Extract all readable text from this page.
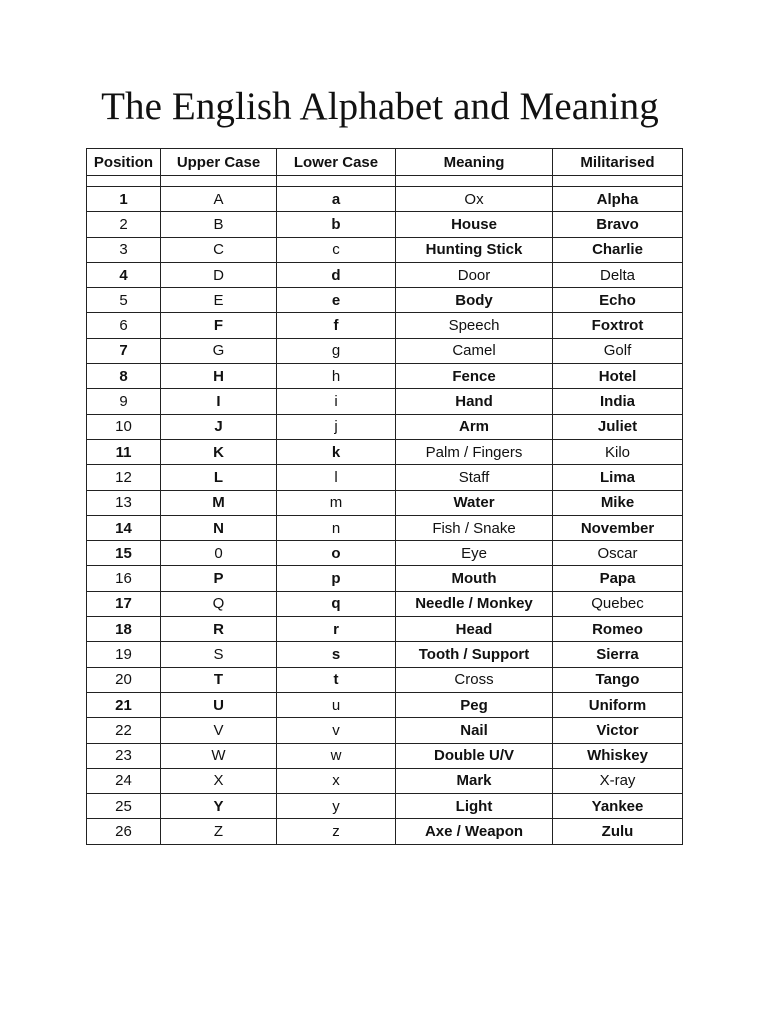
The English Alphabet and Meaning
Position	Upper Case	Lower Case	Meaning	Militarised

1	A	a	Ox	Alpha
2	B	b	House	Bravo
3	C	c	Hunting Stick	Charlie
4	D	d	Door	Delta
5	E	e	Body	Echo
6	F	f	Speech	Foxtrot
7	G	g	Camel	Golf
8	H	h	Fence	Hotel
9	I	i	Hand	India
10	J	j	Arm	Juliet
11	K	k	Palm / Fingers	Kilo
12	L	l	Staff	Lima
13	M	m	Water	Mike
14	N	n	Fish / Snake	November
15	0	o	Eye	Oscar
16	P	p	Mouth	Papa
17	Q	q	Needle / Monkey	Quebec
18	R	r	Head	Romeo
19	S	s	Tooth / Support	Sierra
20	T	t	Cross	Tango
21	U	u	Peg	Uniform
22	V	v	Nail	Victor
23	W	w	Double U/V	Whiskey
24	X	x	Mark	X-ray
25	Y	y	Light	Yankee
26	Z	z	Axe / Weapon	Zulu
